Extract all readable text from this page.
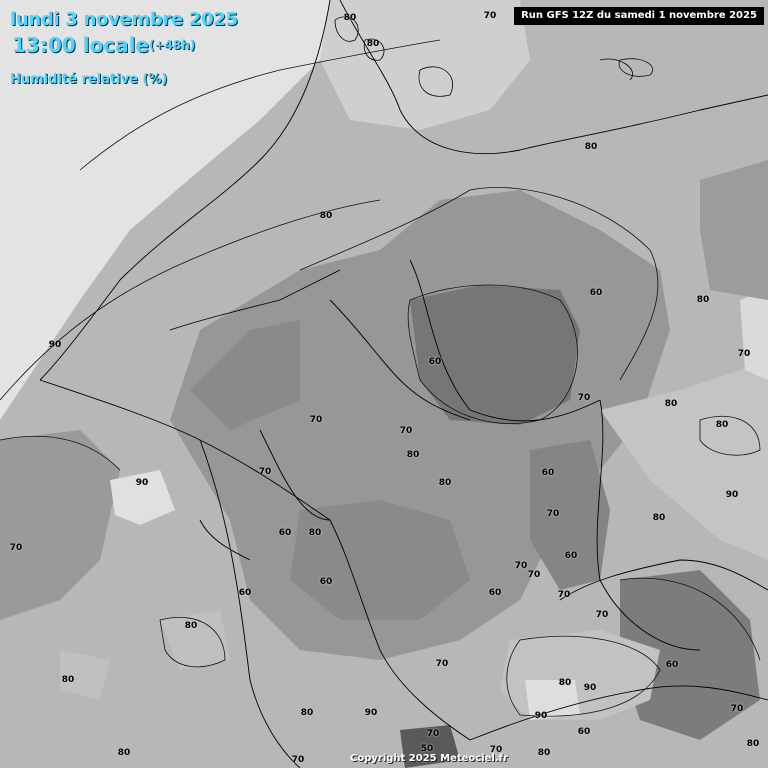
lundi 3 novembre 2025
13:00 locale (+48h)
Humidité relative (%)
Run GFS 12Z du samedi 1 novembre 2025
Copyright 2025 Meteociel.fr
80	70
80
80
80
80
60
90
70
60
70
80
80
60
70
70
90
80
80
70
60
70
60
60
80
60
70
70
60
70
90
80
80
80
90
90
60
90
80
70
70
70
80
70	60
70
50
70
80	70	80
80
